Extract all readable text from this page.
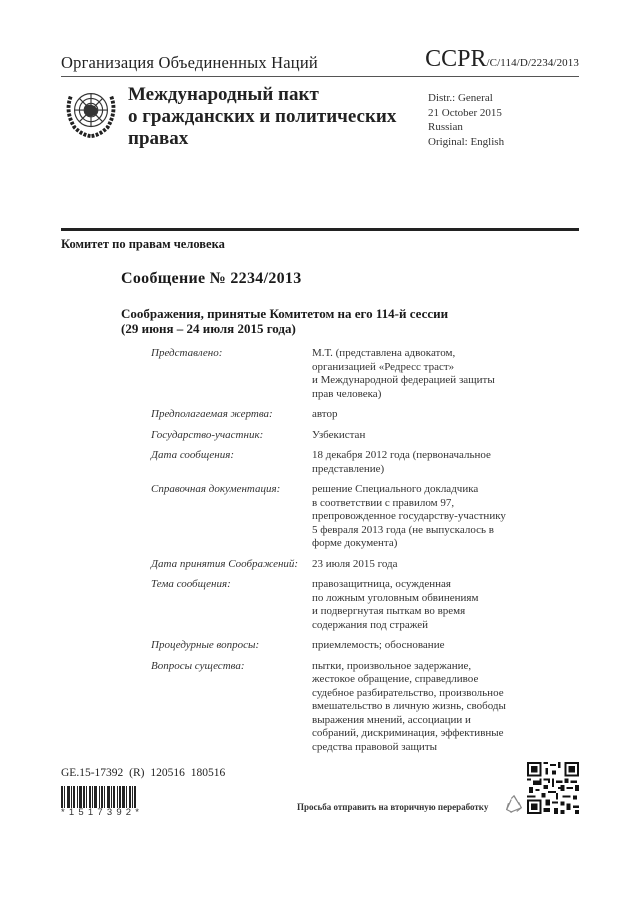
Организация Объединенных Наций	CCPR/C/114/D/2234/2013
Международный пакт
о гражданских и политических
правах
Distr.: General
21 October 2015
Russian
Original: English
Комитет по правам человека
Сообщение № 2234/2013
Соображения, принятые Комитетом на его 114-й сессии
(29 июня – 24 июля 2015 года)
Представлено:	М.Т. (представлена адвокатом,
организацией «Редресс траст»
и Международной федерацией защиты
прав человека)
Предполагаемая жертва:	автор
Государство-участник:	Узбекистан
Дата сообщения:	18 декабря 2012 года (первоначальное
представление)
Справочная документация:	решение Специального докладчика
в соответствии с правилом 97,
препровожденное государству-участнику
5 февраля 2013 года (не выпускалось в
форме документа)
Дата принятия Соображений:	23 июля 2015 года
Тема сообщения:	правозащитница, осужденная
по ложным уголовным обвинениям
и подвергнутая пыткам во время
содержания под стражей
Процедурные вопросы:	приемлемость; обоснование
Вопросы существа:	пытки, произвольное задержание,
жестокое обращение, справедливое
судебное разбирательство, произвольное
вмешательство в личную жизнь, свободы
выражения мнений, ассоциации и
собраний, дискриминация, эффективные
средства правовой защиты
GE.15-17392 (R) 120516 180516
*1517392*	Просьба отправить на вторичную переработку
